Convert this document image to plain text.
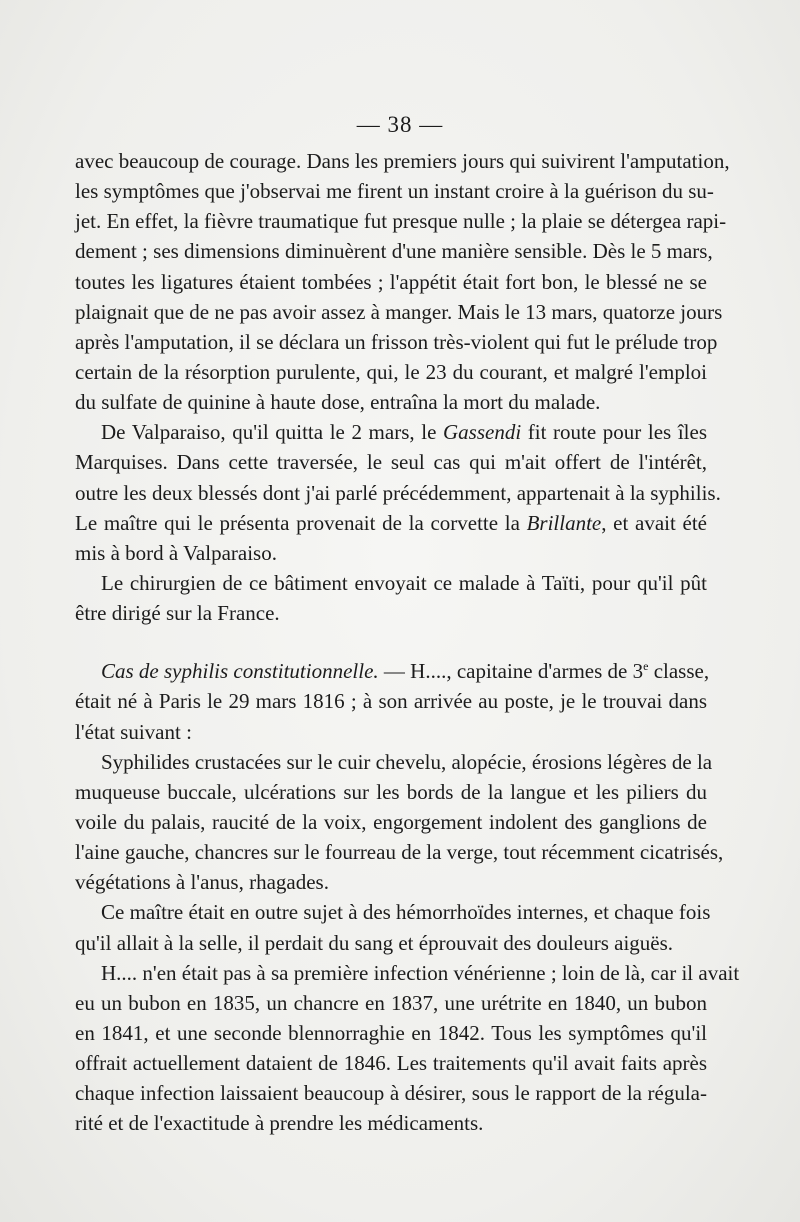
— 38 —
avec beaucoup de courage. Dans les premiers jours qui suivirent l'amputation,
les symptômes que j'observai me firent un instant croire à la guérison du su-
jet. En effet, la fièvre traumatique fut presque nulle ; la plaie se détergea rapi-
dement ; ses dimensions diminuèrent d'une manière sensible. Dès le 5 mars,
toutes les ligatures étaient tombées ; l'appétit était fort bon, le blessé ne se
plaignait que de ne pas avoir assez à manger. Mais le 13 mars, quatorze jours
après l'amputation, il se déclara un frisson très-violent qui fut le prélude trop
certain de la résorption purulente, qui, le 23 du courant, et malgré l'emploi
du sulfate de quinine à haute dose, entraîna la mort du malade.
De Valparaiso, qu'il quitta le 2 mars, le Gassendi fit route pour les îles
Marquises. Dans cette traversée, le seul cas qui m'ait offert de l'intérêt,
outre les deux blessés dont j'ai parlé précédemment, appartenait à la syphilis.
Le maître qui le présenta provenait de la corvette la Brillante, et avait été
mis à bord à Valparaiso.
Le chirurgien de ce bâtiment envoyait ce malade à Taïti, pour qu'il pût
être dirigé sur la France.
Cas de syphilis constitutionnelle. — H...., capitaine d'armes de 3e classe,
était né à Paris le 29 mars 1816 ; à son arrivée au poste, je le trouvai dans
l'état suivant :
Syphilides crustacées sur le cuir chevelu, alopécie, érosions légères de la
muqueuse buccale, ulcérations sur les bords de la langue et les piliers du
voile du palais, raucité de la voix, engorgement indolent des ganglions de
l'aine gauche, chancres sur le fourreau de la verge, tout récemment cicatrisés,
végétations à l'anus, rhagades.
Ce maître était en outre sujet à des hémorrhoïdes internes, et chaque fois
qu'il allait à la selle, il perdait du sang et éprouvait des douleurs aiguës.
H.... n'en était pas à sa première infection vénérienne ; loin de là, car il avait
eu un bubon en 1835, un chancre en 1837, une urétrite en 1840, un bubon
en 1841, et une seconde blennorraghie en 1842. Tous les symptômes qu'il
offrait actuellement dataient de 1846. Les traitements qu'il avait faits après
chaque infection laissaient beaucoup à désirer, sous le rapport de la régula-
rité et de l'exactitude à prendre les médicaments.
